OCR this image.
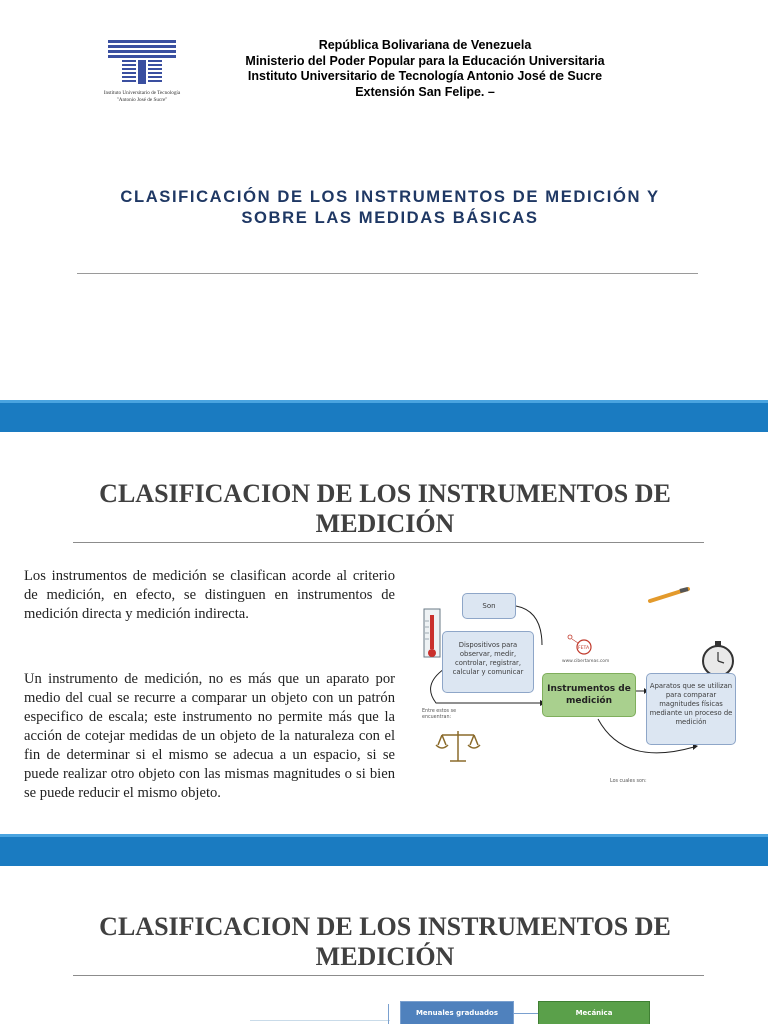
Instituto Universitario de Tecnología
"Antonio José de Sucre"
República Bolivariana de Venezuela
Ministerio del Poder Popular para la Educación Universitaria
Instituto Universitario de Tecnología Antonio José de Sucre
Extensión San Felipe. –
CLASIFICACIÓN DE LOS INSTRUMENTOS DE MEDICIÓN Y
SOBRE LAS MEDIDAS BÁSICAS
CLASIFICACION DE LOS INSTRUMENTOS DE
MEDICIÓN

Los instrumentos de medición se clasifican acorde al criterio de medición, en efecto, se distinguen en instrumentos de medición directa y medición indirecta.

Un instrumento de medición, no es más que un aparato por medio del cual se recurre a comparar un objeto con un patrón especifico de escala; este instrumento no permite más que la acción de cotejar medidas de un objeto de la naturaleza con el fin de determinar si el mismo se adecua a un espacio, si se puede realizar otro objeto con las mismas magnitudes o si bien se puede reducir el mismo objeto.

FETA
Son
Dispositivos para observar, medir, controlar, registrar, calcular y comunicar
Instrumentos de medición
Aparatos que se utilizan para comparar magnitudes físicas mediante un proceso de medición
Entre estos se encuentran:
Los cuales son:
www.cibertareas.com
CLASIFICACION DE LOS INSTRUMENTOS DE
MEDICIÓN
Menuales graduados	Mecánica
